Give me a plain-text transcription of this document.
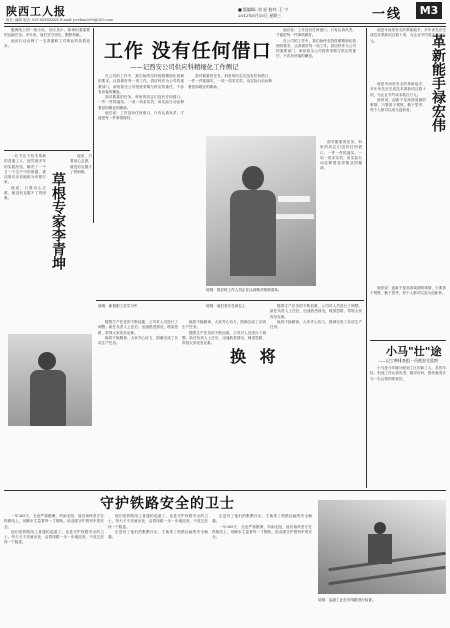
陕西工人报	■ 版编辑: 刘 星 校对: 王 宁
2012年8月15日 星期三	一线	M3
组长: 编辑 电话: 029-XXXXXXXX E-mail: jcrebao2008@163.com

陇海线上的一座小站，站区虽小，却承担着重要的运输任务。多年来，他们坚守岗位，默默奉献。

他用行动诠释了一名普通职工对事业的执着追求。	工作 没有任何借口
——记西安公司供应科精细化工作侧记

在公司的工作中，我们始终坚持按照精细化管理的要求，认真做好每一项工作。供应科作为公司的重要部门，承担着全公司物资采购与供应的重任，不容有丝毫的懈怠。

面对繁重的任务，科里的同志们没有任何借口，一件一件抓落实，一项一项求实效，用实际行动诠释着爱岗敬业的精神。

他们说：工作没有任何借口，只有认真负责，才能把每一件事情做好。

面对繁重的任务，科里的同志们没有任何借口，一件一件抓落实，一项一项求实效，用实际行动诠释着爱岗敬业的精神。

说明：供应科工作人员正在认真核对物资清单。

他们说：工作没有任何借口，只有认真负责，才能把每一件事情做好。

在公司的工作中，我们始终坚持按照精细化管理的要求，认真做好每一项工作。供应科作为公司的重要部门，承担着全公司物资采购与供应的重任，不容有丝毫的懈怠。

面对繁重的任务，科里的同志们没有任何借口，一件一件抓落实，一项一项求实效，用实际行动诠释着爱岗敬业的精神。

一位专注于技术革新的普通工人，他凭借多年的实践经验，解决了一个又一个生产中的难题，被同事们亲切地称为草根专家。

他说，只要用心去做，就没有克服不了的困难。	草根专家李青坤

他说，只要用心去做，就没有克服不了的困难。

他是车间里有名的革新能手，多年来先后完成技术革新项目数十项，为企业节约成本数百万元。	革新能手禄宏伟

他是车间里有名的革新能手，多年来先后完成技术革新项目数十项，为企业节约成本数百万元。

他常说：创新不是高深莫测的事情，只要善于观察，勤于思考，每个人都可以成为创新者。

他常说：创新不是高深莫测的事情，只要善于观察，勤于思考，每个人都可以成为创新者。

小马"壮"途
——记工种排查组一员被安全监察

小马是今年刚分配到工区的新工人，虽然年轻，但他工作认真负责，勤学好问，很快就成长为一名合格的排查员。

说明：新招职工在学习中	说明：他们坚守在岗位上

随着生产任务的不断加重，公司对人员进行了调整。新任负责人上任后，迅速熟悉情况，理清思路，带领大家攻坚克难。

换将不换精神，大家齐心协力，圆满完成了各项生产任务。

换将不换精神，大家齐心协力，圆满完成了各项生产任务。

随着生产任务的不断加重，公司对人员进行了调整。新任负责人上任后，迅速熟悉情况，理清思路，带领大家攻坚克难。

换 将

随着生产任务的不断加重，公司对人员进行了调整。新任负责人上任后，迅速熟悉情况，理清思路，带领大家攻坚克难。

换将不换精神，大家齐心协力，圆满完成了各项生产任务。

守护铁路安全的卫士

一年365天，无论严寒酷暑，风雨无阻，他们始终坚守在铁路线上，用脚步丈量着每一寸钢轨，用双眼守护着列车的安全。

他们是铁路线上普通的巡道工，也是守护铁路安全的卫士。每天天不亮就出发，沿着线路一步一步地检查，不放过任何一个隐患。

他们是铁路线上普通的巡道工，也是守护铁路安全的卫士。每天天不亮就出发，沿着线路一步一步地检查，不放过任何一个隐患。

正是有了他们的默默付出，才换来了铁路运输的安全畅通。

正是有了他们的默默付出，才换来了铁路运输的安全畅通。

一年365天，无论严寒酷暑，风雨无阻，他们始终坚守在铁路线上，用脚步丈量着每一寸钢轨，用双眼守护着列车的安全。

说明：巡道工正在对线路进行检查。
